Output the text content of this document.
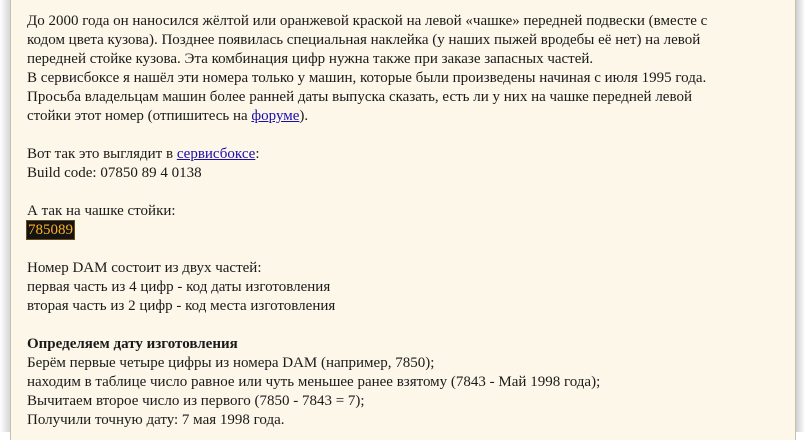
До 2000 года он наносился жёлтой или оранжевой краской на левой «чашке» передней подвески (вместе с

кодом цвета кузова). Позднее появилась специальная наклейка (у наших пыжей вродебы её нет) на левой

передней стойке кузова. Эта комбинация цифр нужна также при заказе запасных частей.

В сервисбоксе я нашёл эти номера только у машин, которые были произведены начиная с июля 1995 года.

Просьба владельцам машин более ранней даты выпуска сказать, есть ли у них на чашке передней левой

стойки этот номер (отпишитесь на форуме).

Вот так это выглядит в сервисбоксе:

Build code: 07850 89 4 0138

А так на чашке стойки:

785089

Номер DAM состоит из двух частей:

первая часть из 4 цифр - код даты изготовления

вторая часть из 2 цифр - код места изготовления

Определяем дату изготовления

Берём первые четыре цифры из номера DAM (например, 7850);

находим в таблице число равное или чуть меньшее ранее взятому (7843 - Май 1998 года);

Вычитаем второе число из первого (7850 - 7843 = 7);

Получили точную дату: 7 мая 1998 года.
